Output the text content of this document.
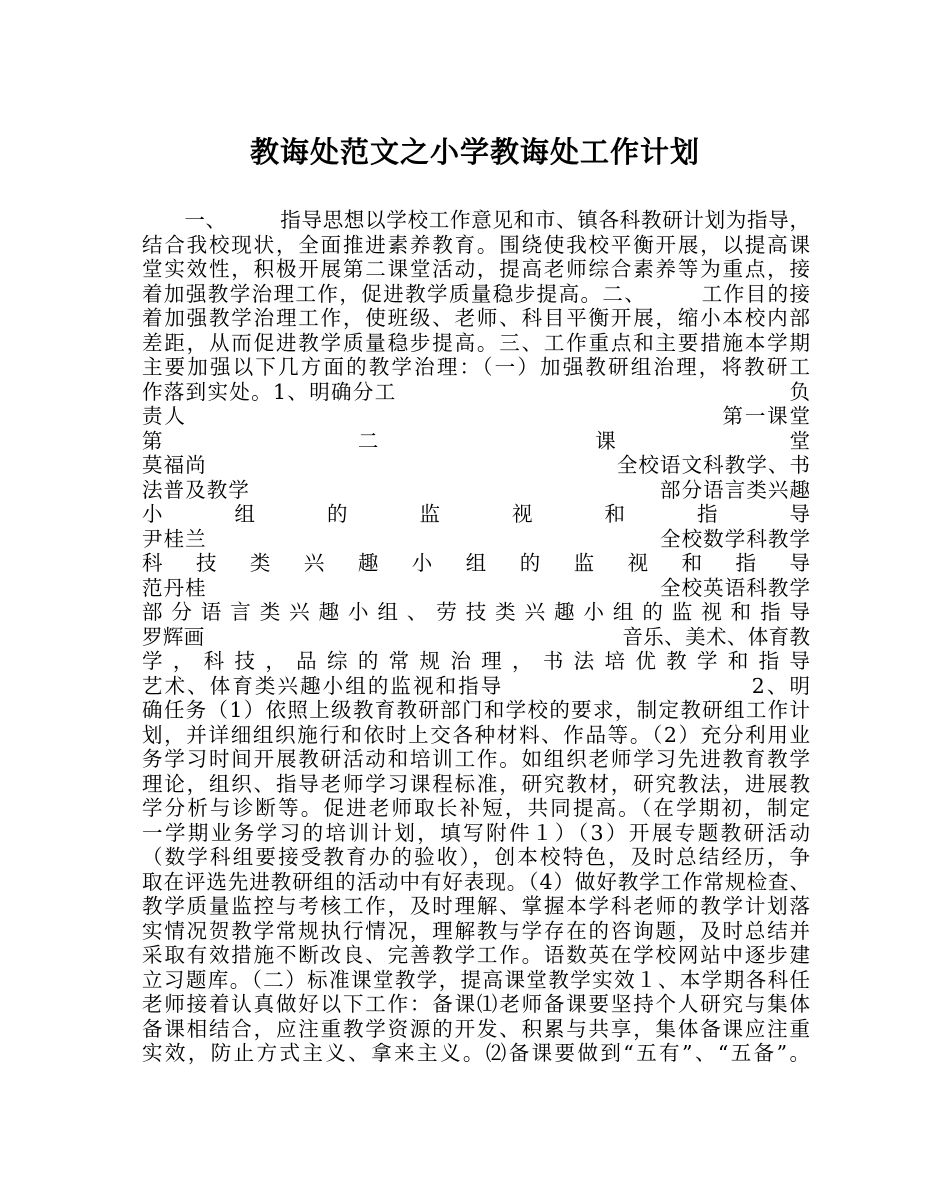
教诲处范文之小学教诲处工作计划
　　一、　　　指导思想以学校工作意见和市、镇各科教研计划为指导，
结合我校现状，全面推进素养教育。围绕使我校平衡开展，以提高课
堂实效性，积极开展第二课堂活动，提高老师综合素养等为重点，接
着加强教学治理工作，促进教学质量稳步提高。二、　　　工作目的接
着加强教学治理工作，使班级、老师、科目平衡开展，缩小本校内部
差距，从而促进教学质量稳步提高。三、工作重点和主要措施本学期
主要加强以下几方面的教学治理：（一）加强教研组治理，将教研工
作落到实处。1、明确分工　　　　　　　　　　　　　　　　　　负
责人　　　　　　　　　　　　　　　　　　　　　　　　第一课堂
第　　　　　　　　　二　　　　　　　　　　课　　　　　　　　堂
莫福尚　　　　　　　　　　　　　　　　　　　全校语文科教学、书
法普及教学　　　　　　　　　　　　　　　　　　　部分语言类兴趣
小　　　组　　　的　　　监　　　视　　　和　　　指　　　导
尹桂兰　　　　　　　　　　　　　　　　　　　　　全校数学科教学
科　技　类　兴　趣　小　组　的　监　视　和　指　导
范丹桂　　　　　　　　　　　　　　　　　　　　　全校英语科教学
部分语言类兴趣小组、劳技类兴趣小组的监视和指导
罗辉画　　　　　　　　　　　　　　　　　　　　音乐、美术、体育教
学，科技，品综的常规治理，书法培优教学和指导
艺术、体育类兴趣小组的监视和指导　　　　　　　　　　　2、明
确任务（1）依照上级教育教研部门和学校的要求，制定教研组工作计
划，并详细组织施行和依时上交各种材料、作品等。（2）充分利用业
务学习时间开展教研活动和培训工作。如组织老师学习先进教育教学
理论，组织、指导老师学习课程标准，研究教材，研究教法，进展教
学分析与诊断等。促进老师取长补短，共同提高。（在学期初，制定
一学期业务学习的培训计划，填写附件１）（3）开展专题教研活动
（数学科组要接受教育办的验收），创本校特色，及时总结经历，争
取在评选先进教研组的活动中有好表现。（4）做好教学工作常规检查、
教学质量监控与考核工作，及时理解、掌握本学科老师的教学计划落
实情况贺教学常规执行情况，理解教与学存在的咨询题，及时总结并
采取有效措施不断改良、完善教学工作。语数英在学校网站中逐步建
立习题库。（二）标准课堂教学，提高课堂教学实效１、本学期各科任
老师接着认真做好以下工作：备课⑴老师备课要坚持个人研究与集体
备课相结合，应注重教学资源的开发、积累与共享，集体备课应注重
实效，防止方式主义、拿来主义。⑵备课要做到“五有”、“五备”。
